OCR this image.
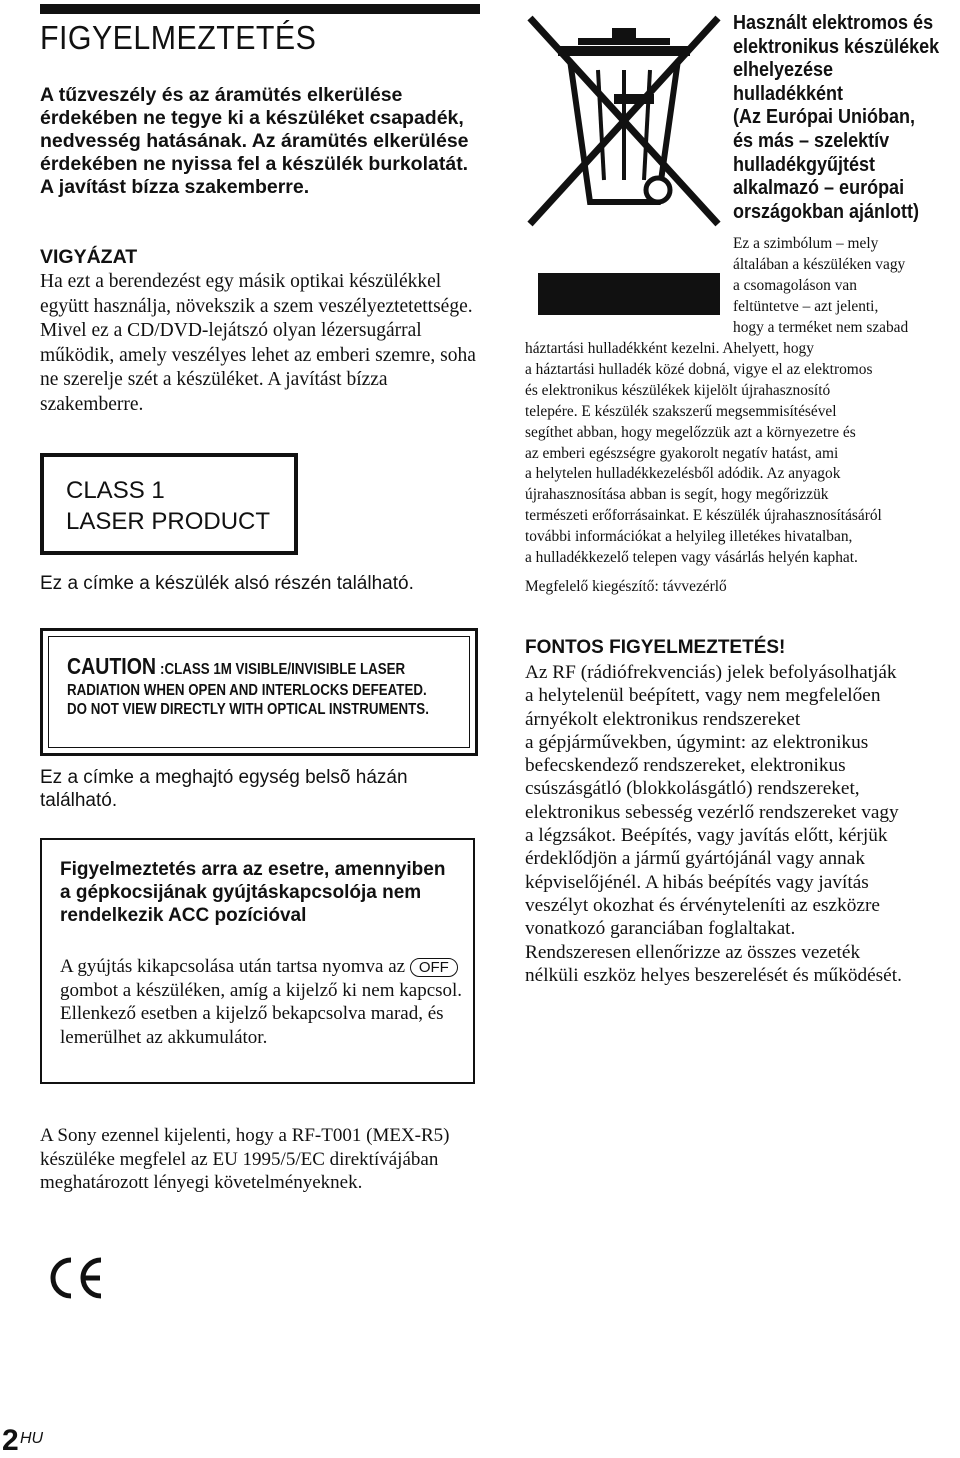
FIGYELMEZTETÉS
A tűzveszély és az áramütés elkerülése érdekében ne tegye ki a készüléket csapadék, nedvesség hatásának. Az áramütés elkerülése érdekében ne nyissa fel a készülék burkolatát. A javítást bízza szakemberre.
VIGYÁZAT
Ha ezt a berendezést egy másik optikai készülékkel együtt használja, növekszik a szem veszélyeztetettsége. Mivel ez a CD/DVD-lejátszó olyan lézersugárral működik, amely veszélyes lehet az emberi szemre, soha ne szerelje szét a készüléket. A javítást bízza szakemberre.
CLASS 1
LASER PRODUCT
Ez a címke a készülék alsó részén található.
CAUTION :CLASS 1M VISIBLE/INVISIBLE LASER
RADIATION WHEN OPEN AND INTERLOCKS DEFEATED.
DO NOT VIEW DIRECTLY WITH OPTICAL INSTRUMENTS.
Ez a címke a meghajtó egység belsõ házán található.
Figyelmeztetés arra az esetre, amennyiben a gépkocsijának gyújtáskapcsolója nem rendelkezik ACC pozícióval
A gyújtás kikapcsolása után tartsa nyomva az OFF gombot a készüléken, amíg a kijelző ki nem kapcsol. Ellenkező esetben a kijelző bekapcsolva marad, és lemerülhet az akkumulátor.
A Sony ezennel kijelenti, hogy a RF-T001 (MEX-R5) készüléke megfelel az EU 1995/5/EC direktívájában meghatározott lényegi követelményeknek.
2 HU
Használt elektromos és
elektronikus készülékek
elhelyezése
hulladékként
(Az Európai Unióban,
és más – szelektív
hulladékgyűjtést
alkalmazó – európai
országokban ajánlott)
Ez a szimbólum – mely
általában a készüléken vagy
a csomagoláson van
feltüntetve – azt jelenti,
hogy a terméket nem szabad
háztartási hulladékként kezelni. Ahelyett, hogy
a háztartási hulladék közé dobná, vigye el az elektromos
és elektronikus készülékek kijelölt újrahasznosító
telepére. E készülék szakszerű megsemmisítésével
segíthet abban, hogy megelőzzük azt a környezetre és
az emberi egészségre gyakorolt negatív hatást, ami
a helytelen hulladékkezelésből adódik. Az anyagok
újrahasznosítása abban is segít, hogy megőrizzük
természeti erőforrásainkat. E készülék újrahasznosításáról
további információkat a helyileg illetékes hivatalban,
a hulladékkezelő telepen vagy vásárlás helyén kaphat.
Megfelelő kiegészítő: távvezérlő
FONTOS FIGYELMEZTETÉS!
Az RF (rádiófrekvenciás) jelek befolyásolhatják
a helytelenül beépített, vagy nem megfelelően
árnyékolt elektronikus rendszereket
a gépjárművekben, úgymint: az elektronikus
befecskendező rendszereket, elektronikus
csúszásgátló (blokkolásgátló) rendszereket,
elektronikus sebesség vezérlő rendszereket vagy
a légzsákot. Beépítés, vagy javítás előtt, kérjük
érdeklődjön a jármű gyártójánál vagy annak
képviselőjénél. A hibás beépítés vagy javítás
veszélyt okozhat és érvényteleníti az eszközre
vonatkozó garanciában foglaltakat.
Rendszeresen ellenőrizze az összes vezeték
nélküli eszköz helyes beszerelését és működését.
